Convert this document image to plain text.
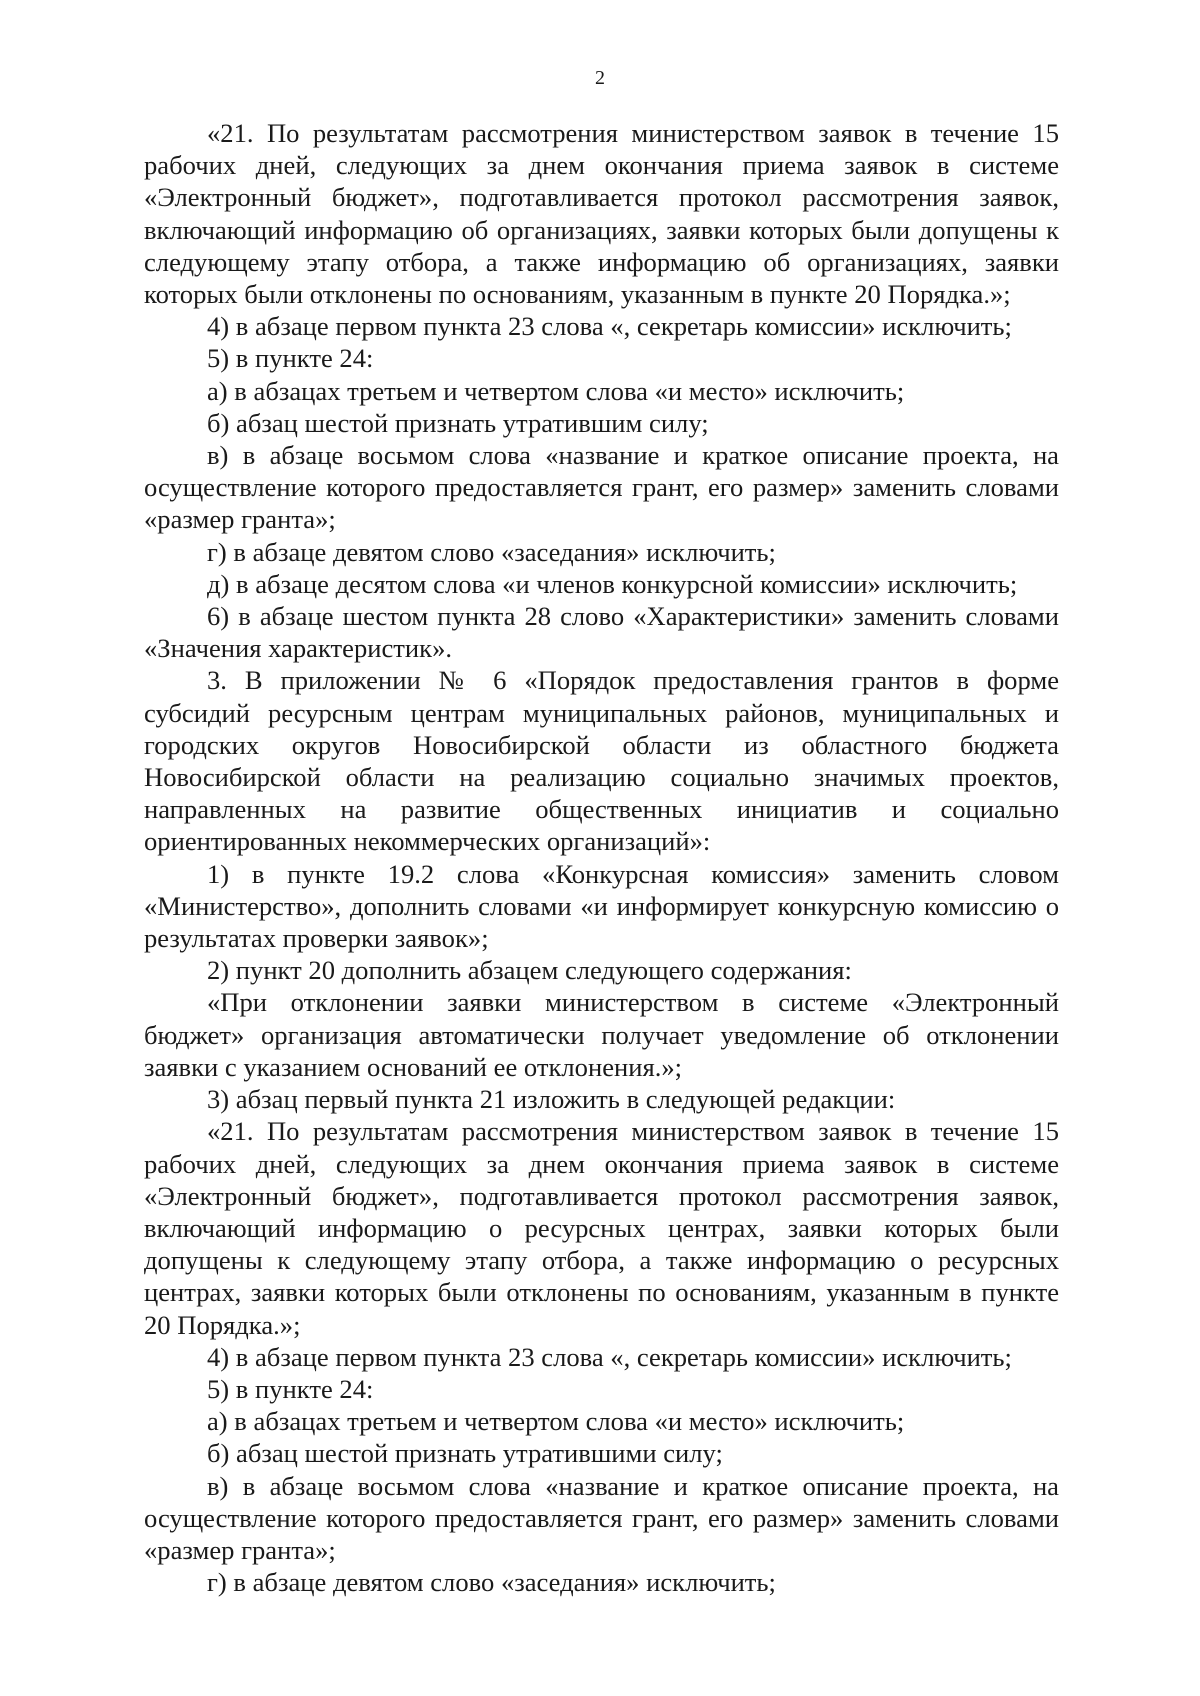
2

«21. По результатам рассмотрения министерством заявок в течение 15 рабочих дней, следующих за днем окончания приема заявок в системе «Электронный бюджет», подготавливается протокол рассмотрения заявок, включающий информацию об организациях, заявки которых были допущены к следующему этапу отбора, а также информацию об организациях, заявки которых были отклонены по основаниям, указанным в пункте 20 Порядка.»;

4) в абзаце первом пункта 23 слова «, секретарь комиссии» исключить;

5) в пункте 24:

а) в абзацах третьем и четвертом слова «и место» исключить;

б) абзац шестой признать утратившим силу;

в) в абзаце восьмом слова «название и краткое описание проекта, на осуществление которого предоставляется грант, его размер» заменить словами «размер гранта»;

г) в абзаце девятом слово «заседания» исключить;

д) в абзаце десятом слова «и членов конкурсной комиссии» исключить;

6) в абзаце шестом пункта 28 слово «Характеристики» заменить словами «Значения характеристик».

3. В приложении № 6 «Порядок предоставления грантов в форме субсидий ресурсным центрам муниципальных районов, муниципальных и городских округов Новосибирской области из областного бюджета Новосибирской области на реализацию социально значимых проектов, направленных на развитие общественных инициатив и социально ориентированных некоммерческих организаций»:

1) в пункте 19.2 слова «Конкурсная комиссия» заменить словом «Министерство», дополнить словами «и информирует конкурсную комиссию о результатах проверки заявок»;

2) пункт 20 дополнить абзацем следующего содержания:

«При отклонении заявки министерством в системе «Электронный бюджет» организация автоматически получает уведомление об отклонении заявки с указанием оснований ее отклонения.»;

3) абзац первый пункта 21 изложить в следующей редакции:

«21. По результатам рассмотрения министерством заявок в течение 15 рабочих дней, следующих за днем окончания приема заявок в системе «Электронный бюджет», подготавливается протокол рассмотрения заявок, включающий информацию о ресурсных центрах, заявки которых были допущены к следующему этапу отбора, а также информацию о ресурсных центрах, заявки которых были отклонены по основаниям, указанным в пункте 20 Порядка.»;

4) в абзаце первом пункта 23 слова «, секретарь комиссии» исключить;

5) в пункте 24:

а) в абзацах третьем и четвертом слова «и место» исключить;

б) абзац шестой признать утратившими силу;

в) в абзаце восьмом слова «название и краткое описание проекта, на осуществление которого предоставляется грант, его размер» заменить словами «размер гранта»;

г) в абзаце девятом слово «заседания» исключить;
